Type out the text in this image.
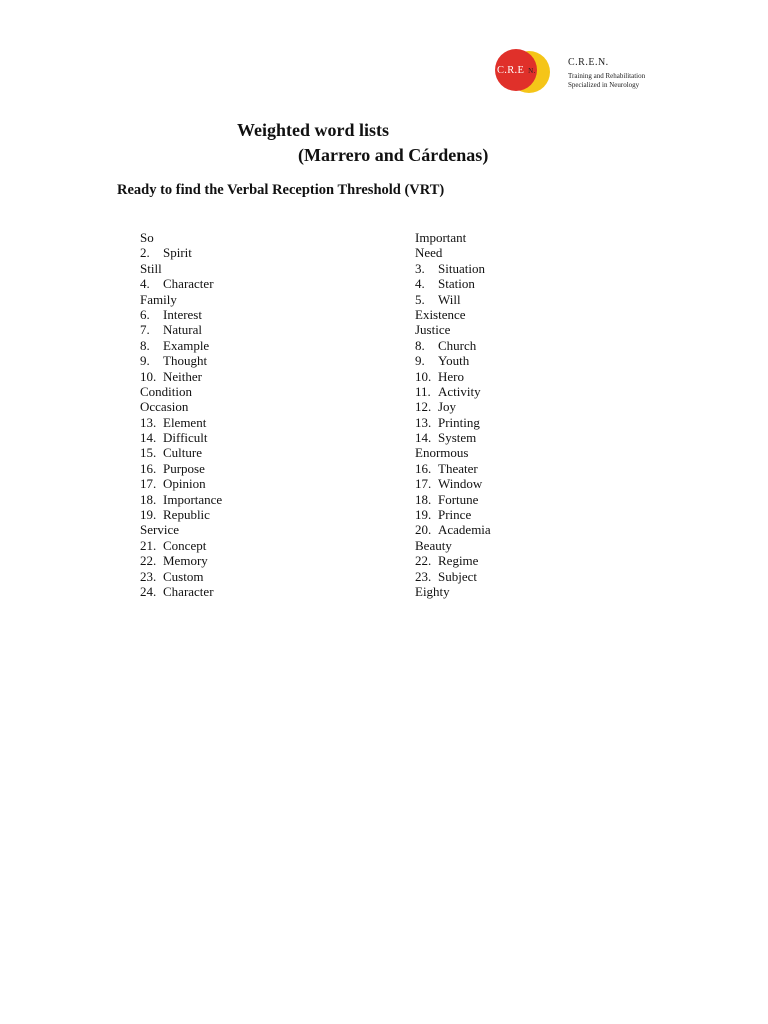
C.R.E N.
C.R.E.N.
Training and Rehabilitation
Specialized in Neurology
Weighted word lists
(Marrero and Cárdenas)
Ready to find the Verbal Reception Threshold (VRT)
So
2.	Spirit
Still
4.	Character
Family
6.	Interest
7.	Natural
8.	Example
9.	Thought
10. Neither
Condition
Occasion
13. Element
14. Difficult
15. Culture
16. Purpose
17. Opinion
18. Importance
19. Republic
Service
21. Concept
22. Memory
23. Custom
24. Character
Important
Need
3.	Situation
4.	Station
5.	Will
Existence
Justice
8.	Church
9.	Youth
10. Hero
11. Activity
12. Joy
13. Printing
14. System
Enormous
16. Theater
17. Window
18. Fortune
19. Prince
20. Academia
Beauty
22. Regime
23. Subject
Eighty
